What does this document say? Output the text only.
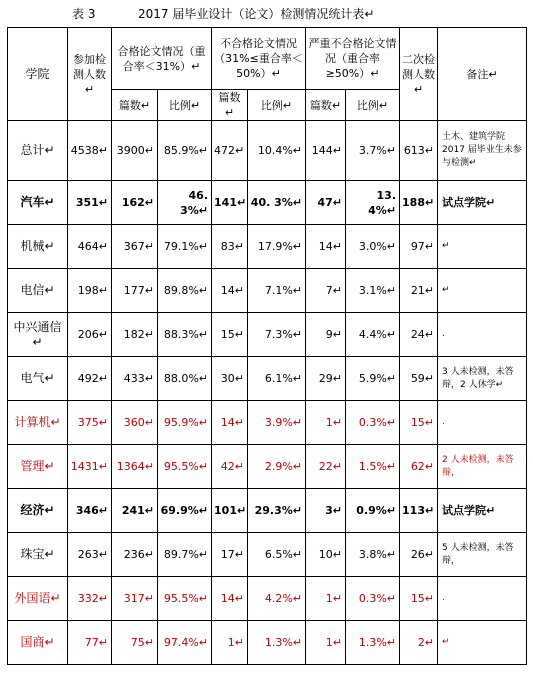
表 3	2017 届毕业设计（论文）检测情况统计表↵
学院	参加检测人数↵	合格论文情况（重合率＜31%）↵		不合格论文情况（31%≤重合率＜50%）↵		严重不合格论文情况（重合率 ≥50%）↵		二次检测人数↵	备注↵
		篇数↵	比例↵	篇数↵	比例↵	篇数↵	比例↵		
总计↵	4538↵	3900↵	85.9%↵	472↵	10.4%↵	144↵	3.7%↵	613↵	土木、建筑学院 2017 届毕业生未参与检测↵
汽车↵	351↵	162↵	46. 3%↵	141↵	40. 3%↵	47↵	13. 4%↵	188↵	试点学院↵
机械↵	464↵	367↵	79.1%↵	83↵	17.9%↵	14↵	3.0%↵	97↵	↵
电信↵	198↵	177↵	89.8%↵	14↵	7.1%↵	7↵	3.1%↵	21↵	↵
中兴通信↵	206↵	182↵	88.3%↵	15↵	7.3%↵	9↵	4.4%↵	24↵	.
电气↵	492↵	433↵	88.0%↵	30↵	6.1%↵	29↵	5.9%↵	59↵	3 人未检测，未答辩，2 人休学↵
计算机↵	375↵	360↵	95.9%↵	14↵	3.9%↵	1↵	0.3%↵	15↵	.
管理↵	1431↵	1364↵	95.5%↵	42↵	2.9%↵	22↵	1.5%↵	62↵	2 人未检测，未答辩，
经济↵	346↵	241↵	69.9%↵	101↵	29.3%↵	3↵	0.9%↵	113↵	试点学院↵
珠宝↵	263↵	236↵	89.7%↵	17↵	6.5%↵	10↵	3.8%↵	26↵	5 人未检测，未答辩，
外国语↵	332↵	317↵	95.5%↵	14↵	4.2%↵	1↵	0.3%↵	15↵	.
国商↵	77↵	75↵	97.4%↵	1↵	1.3%↵	1↵	1.3%↵	2↵	↵
